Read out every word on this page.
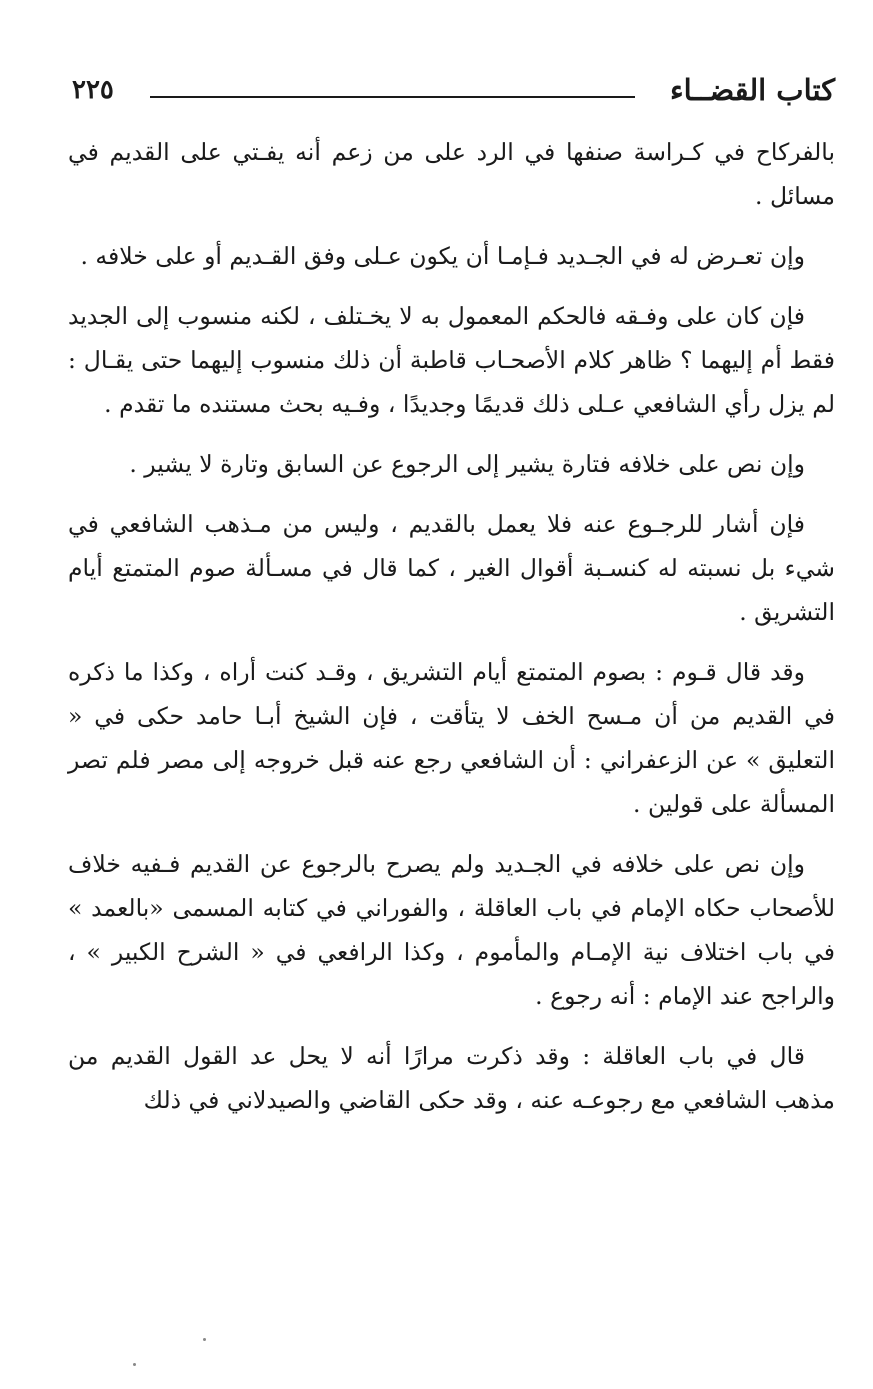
كتاب القضــاء
٢٢٥

بالفركاح في كـراسة صنفها في الرد على من زعم أنه يفـتي على القديم في مسائل .

وإن تعـرض له في الجـديد فـإمـا أن يكون عـلى وفق القـديم أو على خلافه .

فإن كان على وفـقه فالحكم المعمول به لا يخـتلف ، لكنه منسوب إلى الجديد فقط أم إليهما ؟ ظاهر كلام الأصحـاب قاطبة أن ذلك منسوب إليهما حتى يقـال : لم يزل رأي الشافعي عـلى ذلك قديمًا وجديدًا ، وفـيه بحث مستنده ما تقدم .

وإن نص على خلافه فتارة يشير إلى الرجوع عن السابق وتارة لا يشير .

فإن أشار للرجـوع عنه فلا يعمل بالقديم ، وليس من مـذهب الشافعي في شيء بل نسبته له كنسـبة أقوال الغير ، كما قال في مسـألة صوم المتمتع أيام التشريق .

وقد قال قـوم : بصوم المتمتع أيام التشريق ، وقـد كنت أراه ، وكذا ما ذكره في القديم من أن مـسح الخف لا يتأقت ، فإن الشيخ أبـا حامد حكى في « التعليق » عن الزعفراني : أن الشافعي رجع عنه قبل خروجه إلى مصر فلم تصر المسألة على قولين .

وإن نص على خلافه في الجـديد ولم يصرح بالرجوع عن القديم فـفيه خلاف للأصحاب حكاه الإمام في باب العاقلة ، والفوراني في كتابه المسمى «بالعمد » في باب اختلاف نية الإمـام والمأموم ، وكذا الرافعي في « الشرح الكبير » ، والراجح عند الإمام : أنه رجوع .

قال في باب العاقلة : وقد ذكرت مرارًا أنه لا يحل عد القول القديم من مذهب الشافعي مع رجوعـه عنه ، وقد حكى القاضي والصيدلاني في ذلك
